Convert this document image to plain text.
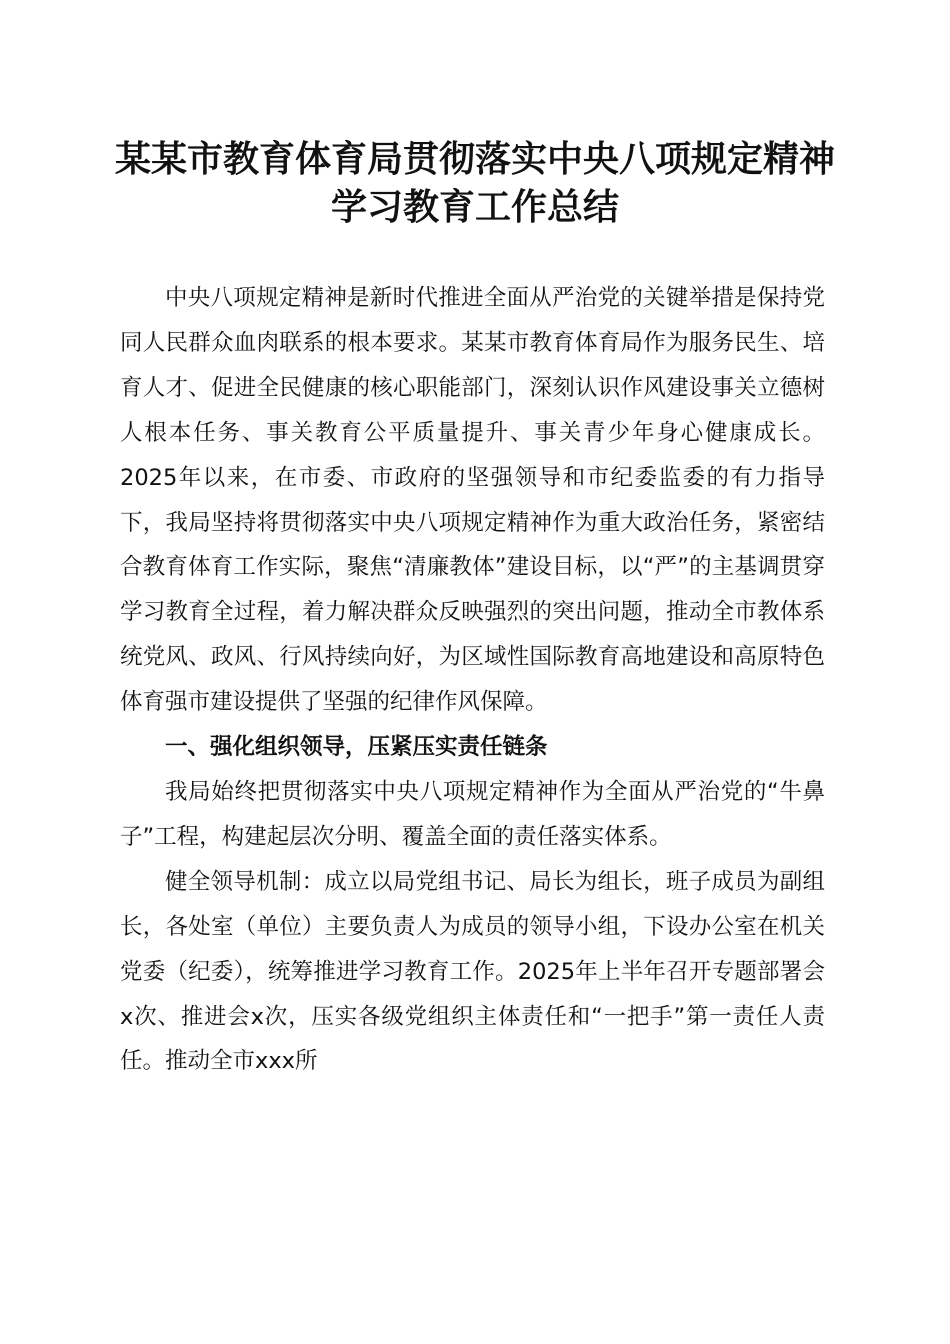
某某市教育体育局贯彻落实中央八项规定精神
学习教育工作总结

中央八项规定精神是新时代推进全面从严治党的关键举措是保持党同人民群众血肉联系的根本要求。某某市教育体育局作为服务民生、培育人才、促进全民健康的核心职能部门，深刻认识作风建设事关立德树人根本任务、事关教育公平质量提升、事关青少年身心健康成长。2025年以来，在市委、市政府的坚强领导和市纪委监委的有力指导下，我局坚持将贯彻落实中央八项规定精神作为重大政治任务，紧密结合教育体育工作实际，聚焦“清廉教体”建设目标，以“严”的主基调贯穿学习教育全过程，着力解决群众反映强烈的突出问题，推动全市教体系统党风、政风、行风持续向好，为区域性国际教育高地建设和高原特色体育强市建设提供了坚强的纪律作风保障。

一、强化组织领导，压紧压实责任链条

我局始终把贯彻落实中央八项规定精神作为全面从严治党的“牛鼻子”工程，构建起层次分明、覆盖全面的责任落实体系。

健全领导机制：成立以局党组书记、局长为组长，班子成员为副组长，各处室（单位）主要负责人为成员的领导小组，下设办公室在机关党委（纪委），统筹推进学习教育工作。2025年上半年召开专题部署会x次、推进会x次，压实各级党组织主体责任和“一把手”第一责任人责任。推动全市xxx所
